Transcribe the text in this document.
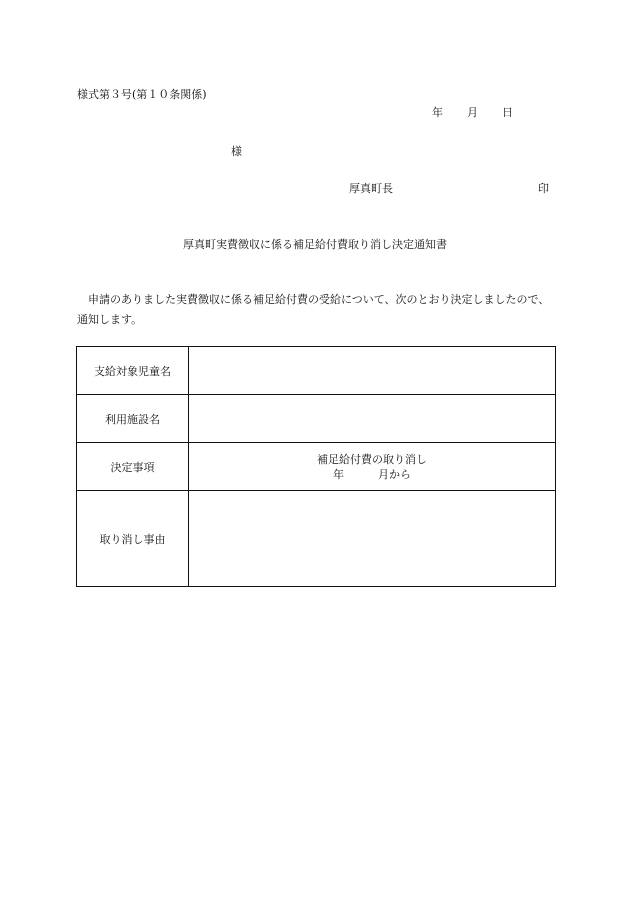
様式第３号(第１０条関係)
年 月 日
様
厚真町長	印
厚真町実費徴収に係る補足給付費取り消し決定通知書
申請のありました実費徴収に係る補足給付費の受給について、次のとおり決定しましたので、通知します。
支給対象児童名	
利用施設名	
決定事項	補足給付費の取り消し
年 月から

取り消し事由	
